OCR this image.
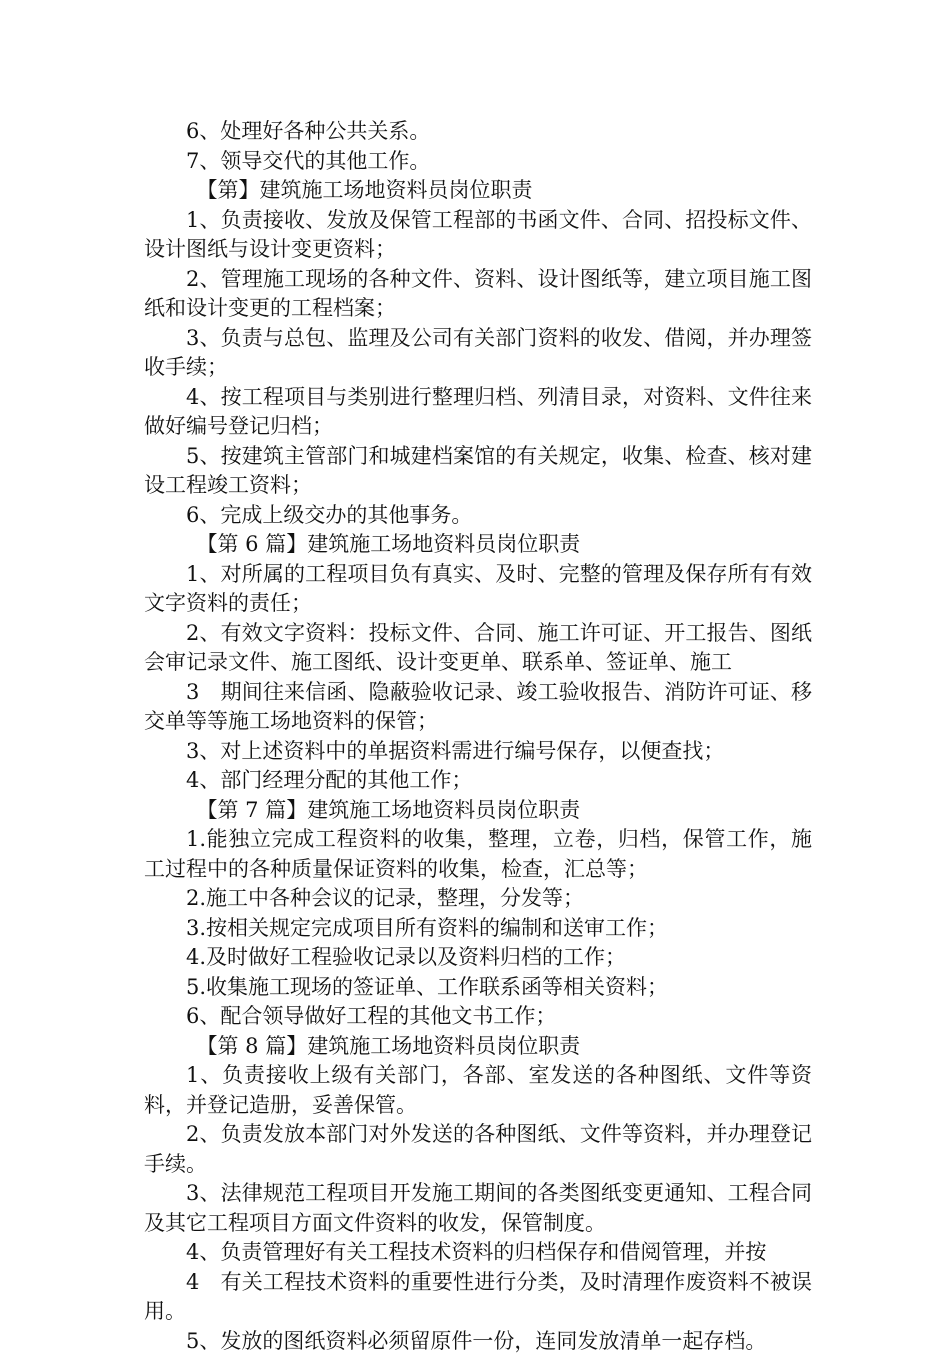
6、处理好各种公共关系。

7、领导交代的其他工作。

【第】建筑施工场地资料员岗位职责

1、负责接收、发放及保管工程部的书函文件、合同、招投标文件、设计图纸与设计变更资料；

2、管理施工现场的各种文件、资料、设计图纸等，建立项目施工图纸和设计变更的工程档案；

3、负责与总包、监理及公司有关部门资料的收发、借阅，并办理签收手续；

4、按工程项目与类别进行整理归档、列清目录，对资料、文件往来做好编号登记归档；

5、按建筑主管部门和城建档案馆的有关规定，收集、检查、核对建设工程竣工资料；

6、完成上级交办的其他事务。

【第 6 篇】建筑施工场地资料员岗位职责

1、对所属的工程项目负有真实、及时、完整的管理及保存所有有效文字资料的责任；

2、有效文字资料：投标文件、合同、施工许可证、开工报告、图纸会审记录文件、施工图纸、设计变更单、联系单、签证单、施工

3　期间往来信函、隐蔽验收记录、竣工验收报告、消防许可证、移交单等等施工场地资料的保管；

3、对上述资料中的单据资料需进行编号保存，以便查找；

4、部门经理分配的其他工作；

【第 7 篇】建筑施工场地资料员岗位职责

1.能独立完成工程资料的收集，整理，立卷，归档，保管工作，施工过程中的各种质量保证资料的收集，检查，汇总等；

2.施工中各种会议的记录，整理，分发等；

3.按相关规定完成项目所有资料的编制和送审工作；

4.及时做好工程验收记录以及资料归档的工作；

5.收集施工现场的签证单、工作联系函等相关资料；

6、配合领导做好工程的其他文书工作；

【第 8 篇】建筑施工场地资料员岗位职责

1、负责接收上级有关部门，各部、室发送的各种图纸、文件等资料，并登记造册，妥善保管。

2、负责发放本部门对外发送的各种图纸、文件等资料，并办理登记手续。

3、法律规范工程项目开发施工期间的各类图纸变更通知、工程合同及其它工程项目方面文件资料的收发，保管制度。

4、负责管理好有关工程技术资料的归档保存和借阅管理，并按

4　有关工程技术资料的重要性进行分类，及时清理作废资料不被误用。

5、发放的图纸资料必须留原件一份，连同发放清单一起存档。
